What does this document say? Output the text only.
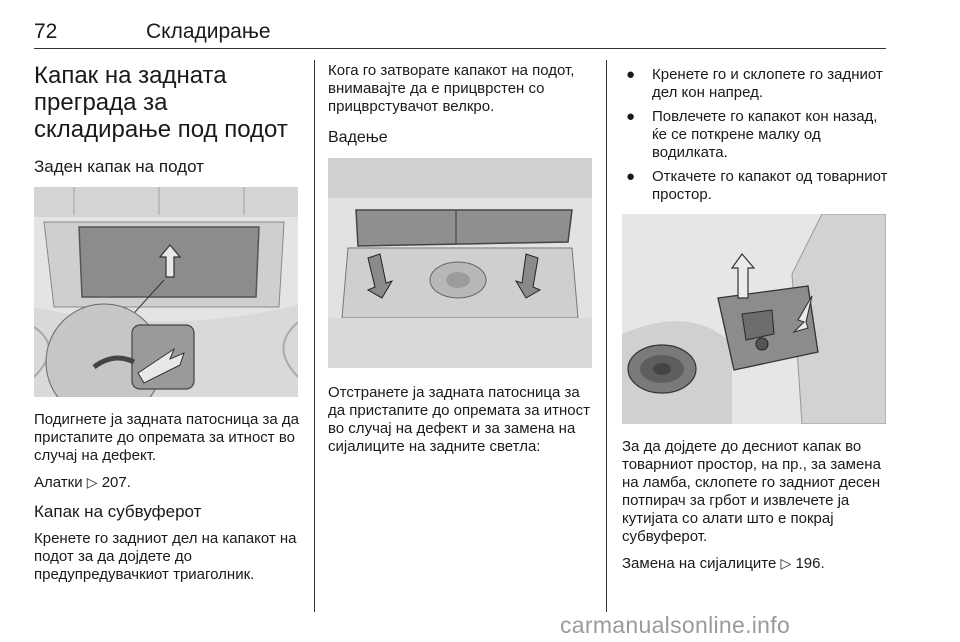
72	Складирање
Капак на задната преграда за складирање под подот
Заден капак на подот

Подигнете ја задната патосница за да пристапите до опремата за итност во случај на дефект.

Алатки ▷ 207.

Капак на субвуферот

Кренете го задниот дел на капакот на подот за да дојдете до предупредувачкиот триаголник.

Кога го затворате капакот на подот, внимавајте да е прицврстен со прицврстувачот велкро.

Вадење

Отстранете ја задната патосница за да пристапите до опремата за итност во случај на дефект и за замена на сијалиците на задните светла:

● Кренете го и склопете го задниот дел кон напред.
● Повлечете го капакот кон назад, ќе се поткрене малку од водилката.
● Откачете го капакот од товарниот простор.

За да дојдете до десниот капак во товарниот простор, на пр., за замена на ламба, склопете го задниот десен потпирач за грбот и извлечете ја кутијата со алати што е покрај субвуферот.

Замена на сијалиците ▷ 196.

carmanualsonline.info
